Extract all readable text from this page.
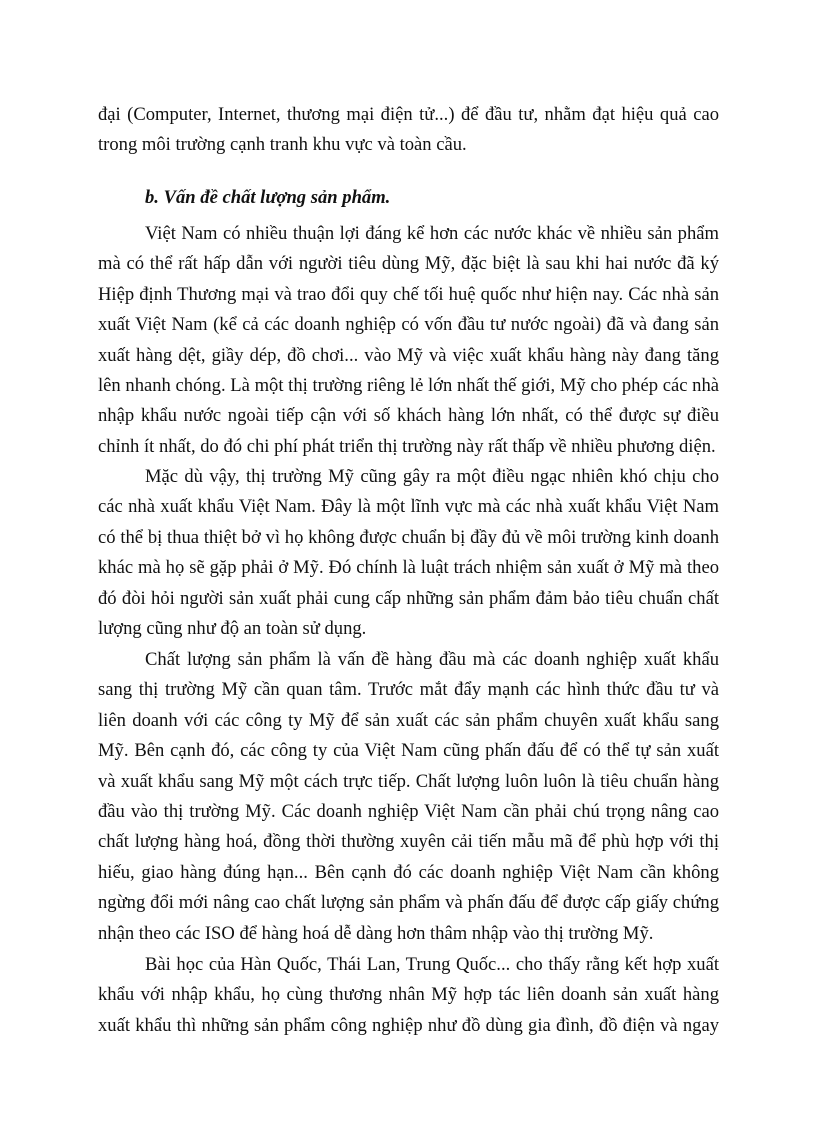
đại (Computer, Internet, thương mại điện tử...) để đầu tư, nhằm đạt hiệu quả cao
trong môi trường cạnh tranh khu vực và toàn cầu.
b. Vấn đề chất lượng sản phẩm.
Việt Nam có nhiều thuận lợi đáng kể hơn các nước khác về nhiều sản phẩm
mà có thể rất hấp dẫn với người tiêu dùng Mỹ, đặc biệt là sau khi hai nước đã ký
Hiệp định Thương mại và trao đổi quy chế tối huệ quốc như hiện nay. Các nhà sản
xuất Việt Nam (kể cả các doanh nghiệp có vốn đầu tư nước ngoài) đã và đang sản
xuất hàng dệt, giầy dép, đồ chơi... vào Mỹ và việc xuất khẩu hàng này đang tăng
lên nhanh chóng. Là một thị trường riêng lẻ lớn nhất thế giới, Mỹ cho phép các nhà
nhập khẩu nước ngoài tiếp cận với số khách hàng lớn nhất, có thể được sự điều
chỉnh ít nhất, do đó chi phí phát triển thị trường này rất thấp về nhiều phương diện.
Mặc dù vậy, thị trường Mỹ cũng gây ra một điều ngạc nhiên khó chịu cho
các nhà xuất khẩu Việt Nam. Đây là một lĩnh vực mà các nhà xuất khẩu Việt Nam
có thể bị thua thiệt bở vì họ không được chuẩn bị đầy đủ về môi trường kinh doanh
khác mà họ sẽ gặp phải ở Mỹ. Đó chính là luật trách nhiệm sản xuất ở Mỹ mà theo
đó đòi hỏi người sản xuất phải cung cấp những sản phẩm đảm bảo tiêu chuẩn chất
lượng cũng như độ an toàn sử dụng.
Chất lượng sản phẩm là vấn đề hàng đầu mà các doanh nghiệp xuất khẩu
sang thị trường Mỹ cần quan tâm. Trước mắt đẩy mạnh các hình thức đầu tư và
liên doanh với các công ty Mỹ để sản xuất các sản phẩm chuyên xuất khẩu sang
Mỹ. Bên cạnh đó, các công ty của Việt Nam cũng phấn đấu để có thể tự sản xuất
và xuất khẩu sang Mỹ một cách trực tiếp. Chất lượng luôn luôn là tiêu chuẩn hàng
đầu vào thị trường Mỹ. Các doanh nghiệp Việt Nam cần phải chú trọng nâng cao
chất lượng hàng hoá, đồng thời thường xuyên cải tiến mẫu mã để phù hợp với thị
hiếu, giao hàng đúng hạn... Bên cạnh đó các doanh nghiệp Việt Nam cần không
ngừng đổi mới nâng cao chất lượng sản phẩm và phấn đấu để được cấp giấy chứng
nhận theo các ISO để hàng hoá dễ dàng hơn thâm nhập vào thị trường Mỹ.
Bài học của Hàn Quốc, Thái Lan, Trung Quốc... cho thấy rằng kết hợp xuất
khẩu với nhập khẩu, họ cùng thương nhân Mỹ hợp tác liên doanh sản xuất hàng
xuất khẩu thì những sản phẩm công nghiệp như đồ dùng gia đình, đồ điện và ngay
